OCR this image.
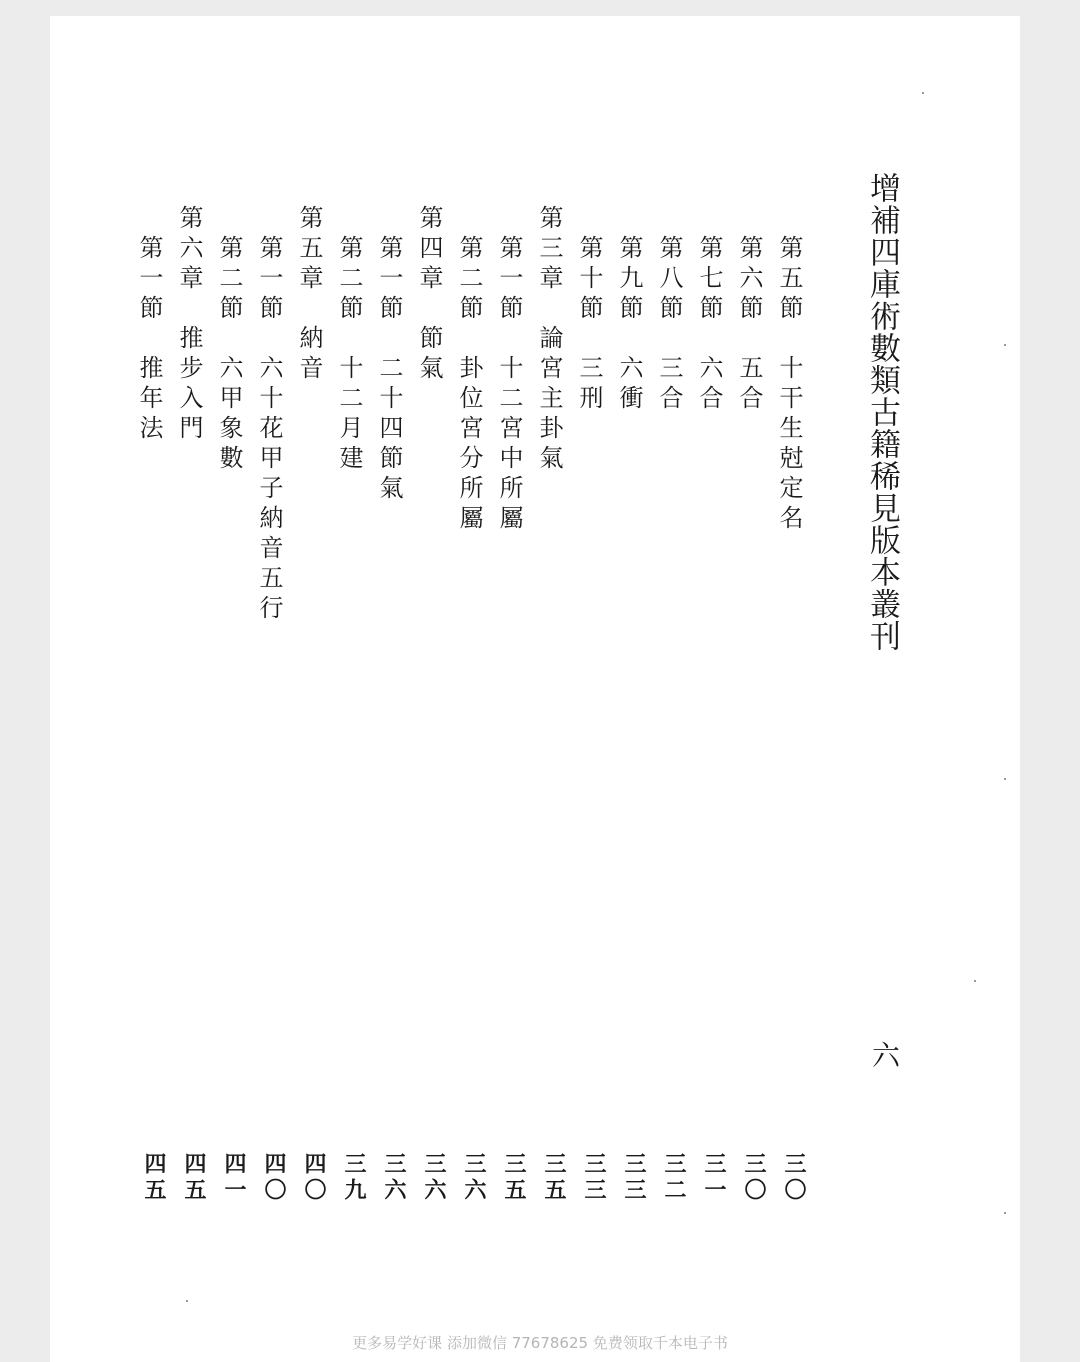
增補四庫術數類古籍稀見版本叢刊
六
第五節
十干生尅定名
第六節
五合
第七節
六合
第八節
三合
第九節
六衝
第十節
三刑
第三章
論宮主卦氣
第一節
十二宮中所屬
第二節
卦位宮分所屬
第四章
節氣
第一節
二十四節氣
第二節
十二月建
第五章
納音
第一節
六十花甲子納音五行
第二節
六甲象數
第六章
推步入門
第一節
推年法
三〇
三〇
三一
三二
三三
三三
三五
三五
三六
三六
三六
三九
四〇
四〇
四一
四五
四五
更多易学好课 添加微信 77678625 免费领取千本电子书
